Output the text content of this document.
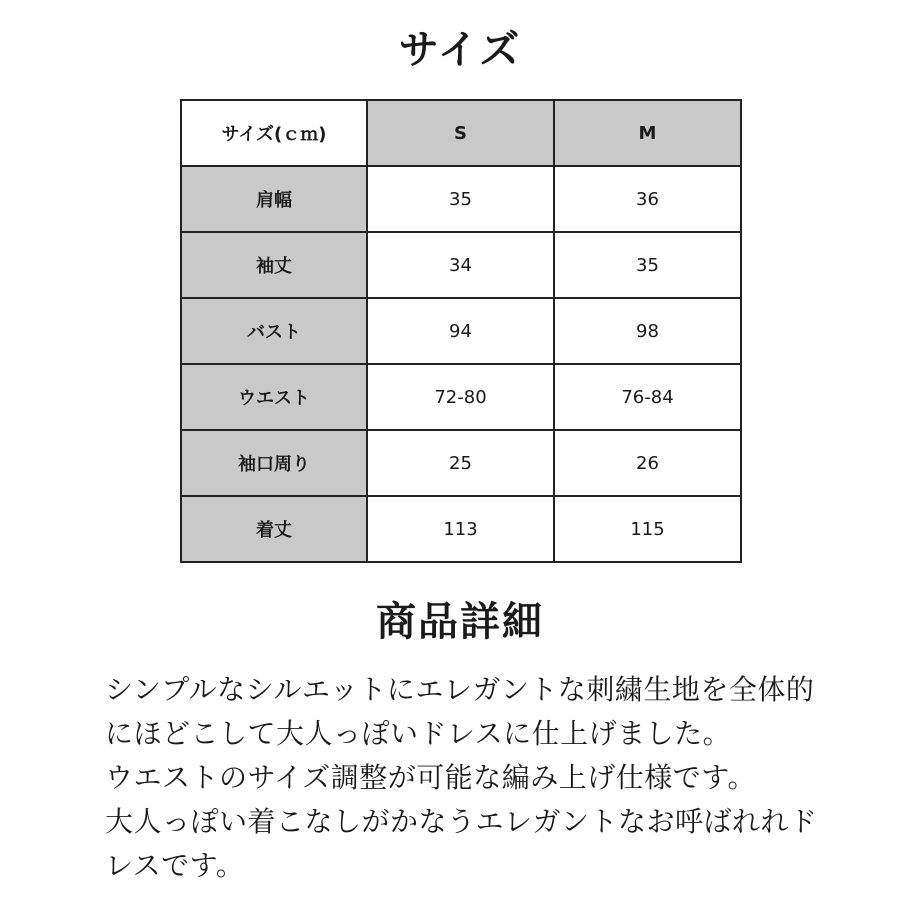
サイズ
サイズ(ｃｍ)	S	M
肩幅	35	36
袖丈	34	35
バスト	94	98
ウエスト	72-80	76-84
袖口周り	25	26
着丈	113	115
商品詳細

シンプルなシルエットにエレガントな刺繍生地を全体的

にほどこして大人っぽいドレスに仕上げました。

ウエストのサイズ調整が可能な編み上げ仕様です。

大人っぽい着こなしがかなうエレガントなお呼ばれれド

レスです。
